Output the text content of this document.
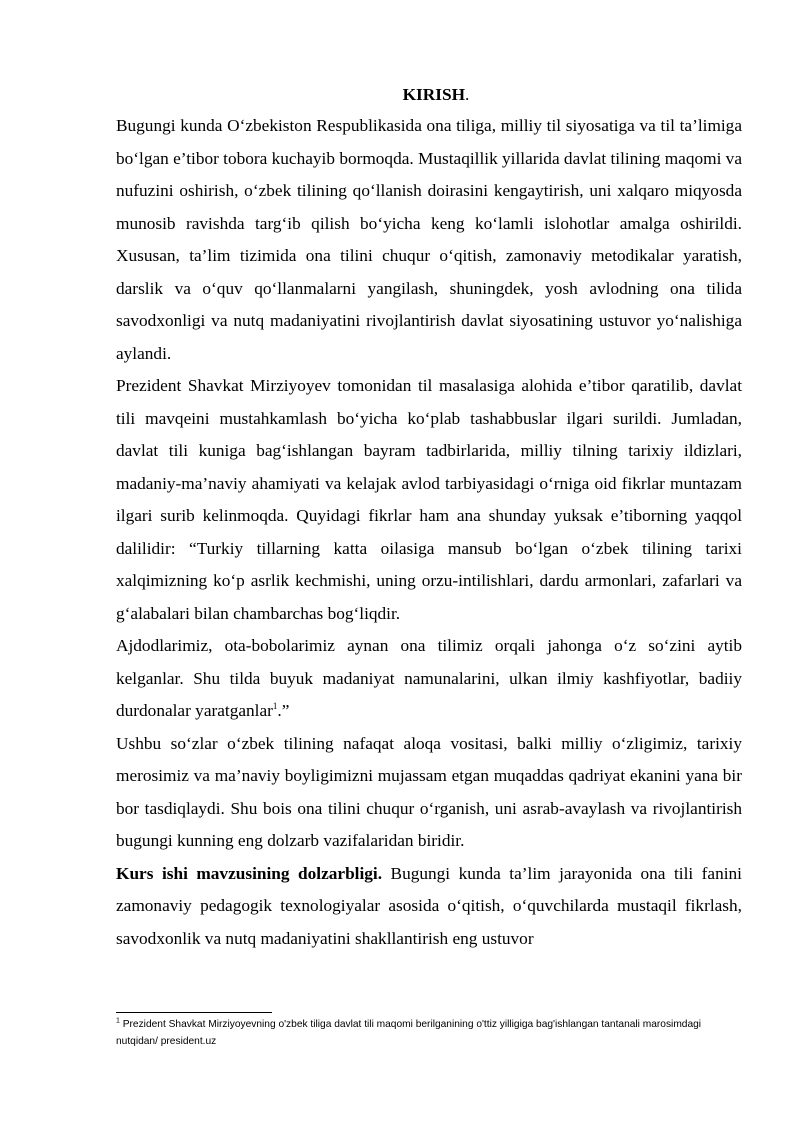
KIRISH.

Bugungi kunda O‘zbekiston Respublikasida ona tiliga, milliy til siyosatiga va til ta’limiga bo‘lgan e’tibor tobora kuchayib bormoqda. Mustaqillik yillarida davlat tilining maqomi va nufuzini oshirish, o‘zbek tilining qo‘llanish doirasini kengaytirish, uni xalqaro miqyosda munosib ravishda targ‘ib qilish bo‘yicha keng ko‘lamli islohotlar amalga oshirildi. Xususan, ta’lim tizimida ona tilini chuqur o‘qitish, zamonaviy metodikalar yaratish, darslik va o‘quv qo‘llanmalarni yangilash, shuningdek, yosh avlodning ona tilida savodxonligi va nutq madaniyatini rivojlantirish davlat siyosatining ustuvor yo‘nalishiga aylandi.

Prezident Shavkat Mirziyoyev tomonidan til masalasiga alohida e’tibor qaratilib, davlat tili mavqeini mustahkamlash bo‘yicha ko‘plab tashabbuslar ilgari surildi. Jumladan, davlat tili kuniga bag‘ishlangan bayram tadbirlarida, milliy tilning tarixiy ildizlari, madaniy-ma’naviy ahamiyati va kelajak avlod tarbiyasidagi o‘rniga oid fikrlar muntazam ilgari surib kelinmoqda. Quyidagi fikrlar ham ana shunday yuksak e’tiborning yaqqol dalilidir: “Turkiy tillarning katta oilasiga mansub bo‘lgan o‘zbek tilining tarixi xalqimizning ko‘p asrlik kechmishi, uning orzu-intilishlari, dardu armonlari, zafarlari va g‘alabalari bilan chambarchas bog‘liqdir.

Ajdodlarimiz, ota-bobolarimiz aynan ona tilimiz orqali jahonga o‘z so‘zini aytib kelganlar. Shu tilda buyuk madaniyat namunalarini, ulkan ilmiy kashfiyotlar, badiiy durdonalar yaratganlar$^1$.”

Ushbu so‘zlar o‘zbek tilining nafaqat aloqa vositasi, balki milliy o‘zligimiz, tarixiy merosimiz va ma’naviy boyligimizni mujassam etgan muqaddas qadriyat ekanini yana bir bor tasdiqlaydi. Shu bois ona tilini chuqur o‘rganish, uni asrab-avaylash va rivojlantirish bugungi kunning eng dolzarb vazifalaridan biridir.

Kurs ishi mavzusining dolzarbligi. Bugungi kunda ta’lim jarayonida ona tili fanini zamonaviy pedagogik texnologiyalar asosida o‘qitish, o‘quvchilarda mustaqil fikrlash, savodxonlik va nutq madaniyatini shakllantirish eng ustuvor

$^1$ Prezident Shavkat Mirziyoyevning o'zbek tiliga davlat tili maqomi berilganining o'ttiz yilligiga bag'ishlangan tantanali marosimdagi nutqidan/ president.uz
